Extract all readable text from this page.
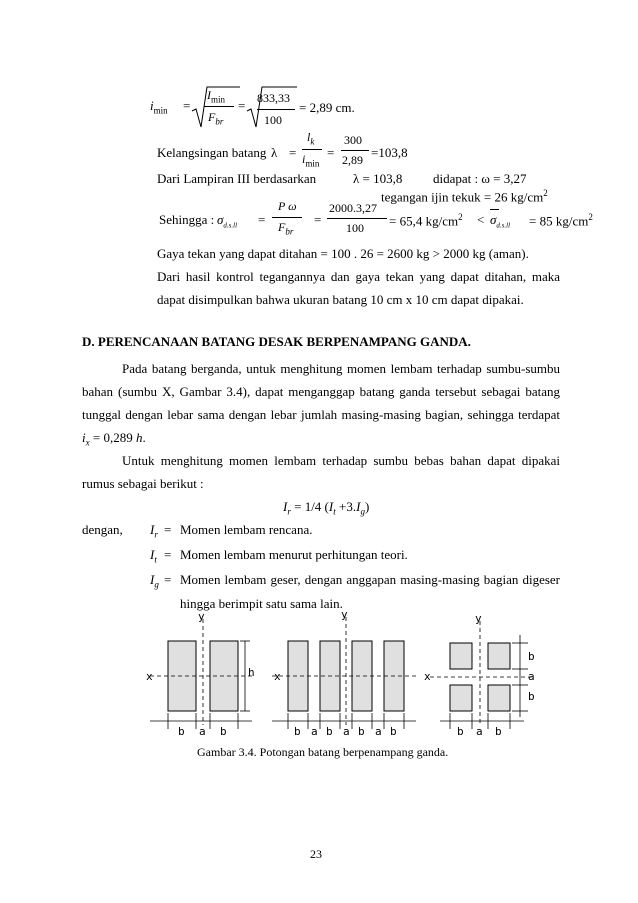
$i_{min}$ =
$I_{min}$
$F_{br}$
= 833,33
100
= 2,89 cm.
Kelangsingan batang λ =
$l_k$
$i_{min}$
=
300
2,89 =103,8
Dari Lampiran III berdasarkan	λ = 103,8 didapat : ω = 3,27
tegangan ijin tekuk = 26 $kg/cm^2$
Sehingga : $\sigma_{d.s.ll}$ =
P ω
$F_{br}$
=
2000.3,27
100 = 65,4 $kg/cm^2 < \sigma_{d.s.ll} = 85$ $kg/cm^2$
Gaya tekan yang dapat ditahan = 100 . 26 = 2600 kg > 2000 kg (aman).
Dari hasil kontrol tegangannya dan gaya tekan yang dapat ditahan, maka
dapat disimpulkan bahwa ukuran batang 10 cm x 10 cm dapat dipakai.
D. PERENCANAAN BATANG DESAK BERPENAMPANG GANDA.
Pada batang berganda, untuk menghitung momen lembam terhadap sumbu-sumbu
bahan (sumbu X, Gambar 3.4), dapat menganggap batang ganda tersebut sebagai batang
tunggal dengan lebar sama dengan lebar jumlah masing-masing bagian, sehingga terdapat
$i_x = 0,289$ h.
Untuk menghitung momen lembam terhadap sumbu bebas bahan dapat dipakai
rumus sebagai berikut :
$I_r = 1/4$ $(I_t +3.I_g)$
dengan, $I_r$ = Momen lembam rencana.
$I_t$ = Momen lembam menurut perhitungan teori.
$I_g$ = Momen lembam geser, dengan anggapan masing-masing bagian digeser
hingga berimpit satu sama lain.
y
x	h
b a b
y
x
b a b a b a b
y
x
b a b
b
a
b
Gambar 3.4. Potongan batang berpenampang ganda.
23
